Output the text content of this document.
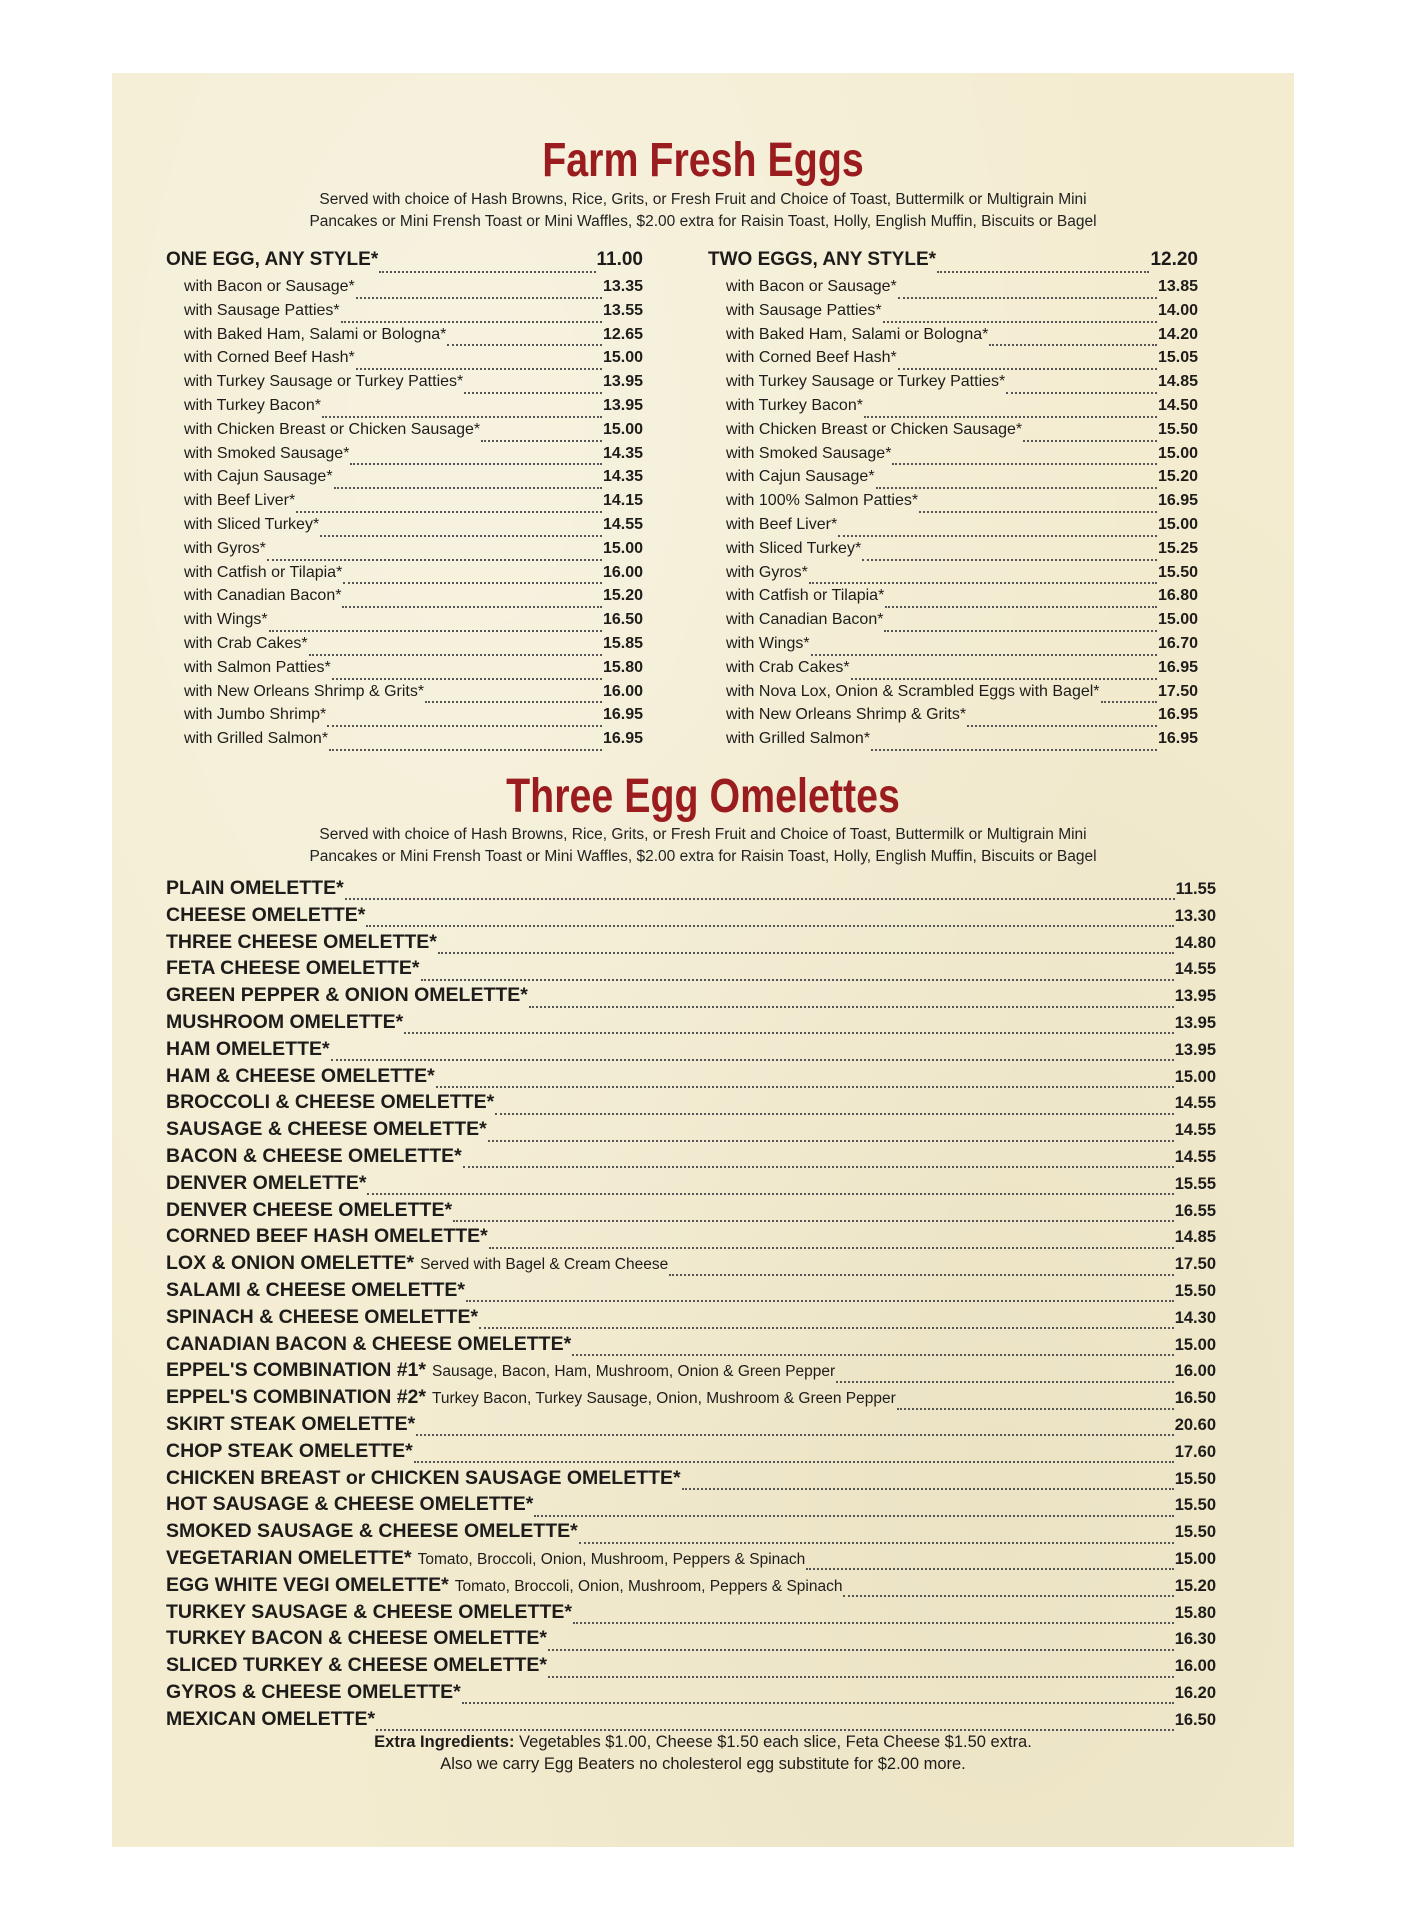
Farm Fresh Eggs
Served with choice of Hash Browns, Rice, Grits, or Fresh Fruit and Choice of Toast, Buttermilk or Multigrain Mini
Pancakes or Mini Frensh Toast or Mini Waffles, $2.00 extra for Raisin Toast, Holly, English Muffin, Biscuits or Bagel
ONE EGG, ANY STYLE*	11.00
with Bacon or Sausage*	13.35
with Sausage Patties*	13.55
with Baked Ham, Salami or Bologna*	12.65
with Corned Beef Hash*	15.00
with Turkey Sausage or Turkey Patties*	13.95
with Turkey Bacon*	13.95
with Chicken Breast or Chicken Sausage*	15.00
with Smoked Sausage*	14.35
with Cajun Sausage*	14.35
with Beef Liver*	14.15
with Sliced Turkey*	14.55
with Gyros*	15.00
with Catfish or Tilapia*	16.00
with Canadian Bacon*	15.20
with Wings*	16.50
with Crab Cakes*	15.85
with Salmon Patties*	15.80
with New Orleans Shrimp & Grits*	16.00
with Jumbo Shrimp*	16.95
with Grilled Salmon*	16.95
TWO EGGS, ANY STYLE*	12.20
with Bacon or Sausage*	13.85
with Sausage Patties*	14.00
with Baked Ham, Salami or Bologna*	14.20
with Corned Beef Hash*	15.05
with Turkey Sausage or Turkey Patties*	14.85
with Turkey Bacon*	14.50
with Chicken Breast or Chicken Sausage*	15.50
with Smoked Sausage*	15.00
with Cajun Sausage*	15.20
with 100% Salmon Patties*	16.95
with Beef Liver*	15.00
with Sliced Turkey*	15.25
with Gyros*	15.50
with Catfish or Tilapia*	16.80
with Canadian Bacon*	15.00
with Wings*	16.70
with Crab Cakes*	16.95
with Nova Lox, Onion & Scrambled Eggs with Bagel*	17.50
with New Orleans Shrimp & Grits*	16.95
with Grilled Salmon*	16.95
Three Egg Omelettes
Served with choice of Hash Browns, Rice, Grits, or Fresh Fruit and Choice of Toast, Buttermilk or Multigrain Mini
Pancakes or Mini Frensh Toast or Mini Waffles, $2.00 extra for Raisin Toast, Holly, English Muffin, Biscuits or Bagel
PLAIN OMELETTE*	11.55
CHEESE OMELETTE*	13.30
THREE CHEESE OMELETTE*	14.80
FETA CHEESE OMELETTE*	14.55
GREEN PEPPER & ONION OMELETTE*	13.95
MUSHROOM OMELETTE*	13.95
HAM OMELETTE*	13.95
HAM & CHEESE OMELETTE*	15.00
BROCCOLI & CHEESE OMELETTE*	14.55
SAUSAGE & CHEESE OMELETTE*	14.55
BACON & CHEESE OMELETTE*	14.55
DENVER OMELETTE*	15.55
DENVER CHEESE OMELETTE*	16.55
CORNED BEEF HASH OMELETTE*	14.85
LOX & ONION OMELETTE* Served with Bagel & Cream Cheese	17.50
SALAMI & CHEESE OMELETTE*	15.50
SPINACH & CHEESE OMELETTE*	14.30
CANADIAN BACON & CHEESE OMELETTE*	15.00
EPPEL'S COMBINATION #1* Sausage, Bacon, Ham, Mushroom, Onion & Green Pepper	16.00
EPPEL'S COMBINATION #2* Turkey Bacon, Turkey Sausage, Onion, Mushroom & Green Pepper	16.50
SKIRT STEAK OMELETTE*	20.60
CHOP STEAK OMELETTE*	17.60
CHICKEN BREAST or CHICKEN SAUSAGE OMELETTE*	15.50
HOT SAUSAGE & CHEESE OMELETTE*	15.50
SMOKED SAUSAGE & CHEESE OMELETTE*	15.50
VEGETARIAN OMELETTE* Tomato, Broccoli, Onion, Mushroom, Peppers & Spinach	15.00
EGG WHITE VEGI OMELETTE* Tomato, Broccoli, Onion, Mushroom, Peppers & Spinach	15.20
TURKEY SAUSAGE & CHEESE OMELETTE*	15.80
TURKEY BACON & CHEESE OMELETTE*	16.30
SLICED TURKEY & CHEESE OMELETTE*	16.00
GYROS & CHEESE OMELETTE*	16.20
MEXICAN OMELETTE*	16.50
Extra Ingredients: Vegetables $1.00, Cheese $1.50 each slice, Feta Cheese $1.50 extra.
Also we carry Egg Beaters no cholesterol egg substitute for $2.00 more.
